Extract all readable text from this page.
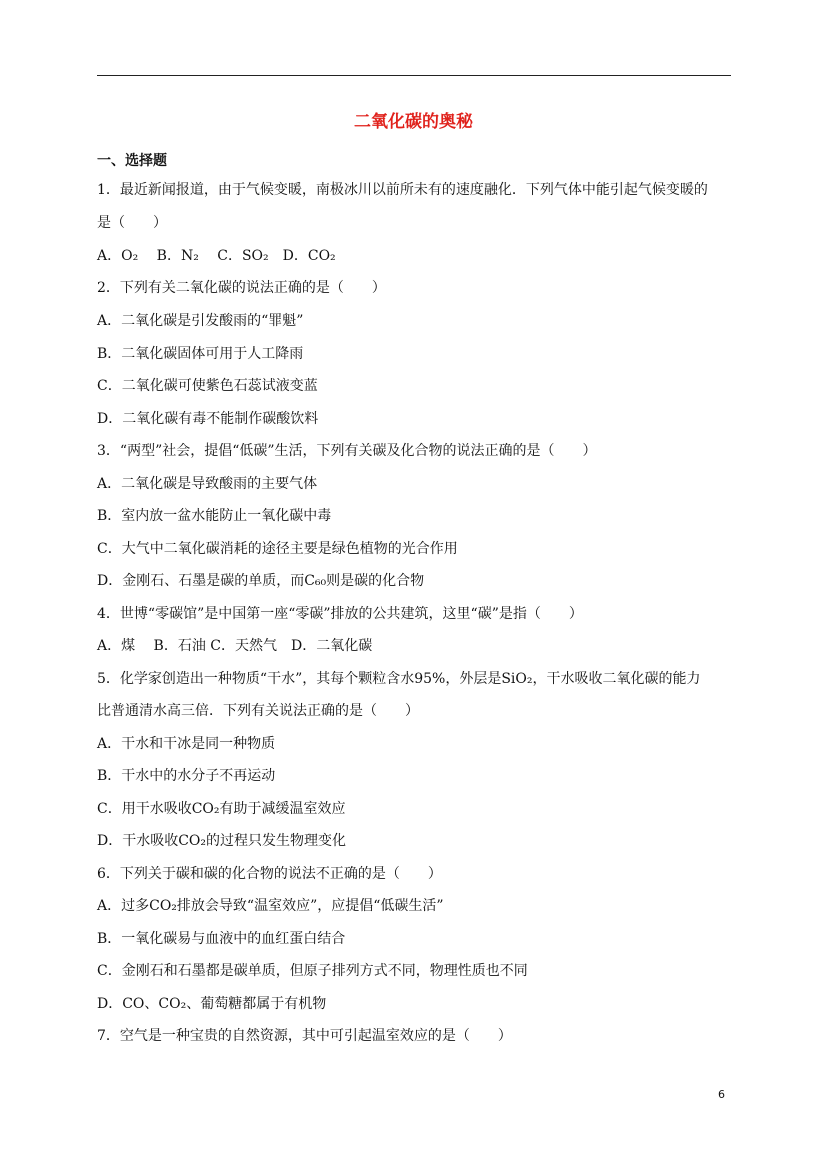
二氧化碳的奥秘
一、选择题
1．最近新闻报道，由于气候变暖，南极冰川以前所未有的速度融化．下列气体中能引起气候变暖的
是（　　）
A．O₂　 B．N₂　 C．SO₂　D．CO₂
2．下列有关二氧化碳的说法正确的是（　　）
A．二氧化碳是引发酸雨的“罪魁”
B．二氧化碳固体可用于人工降雨
C．二氧化碳可使紫色石蕊试液变蓝
D．二氧化碳有毒不能制作碳酸饮料
3．“两型”社会，提倡“低碳”生活，下列有关碳及化合物的说法正确的是（　　）
A．二氧化碳是导致酸雨的主要气体
B．室内放一盆水能防止一氧化碳中毒
C．大气中二氧化碳消耗的途径主要是绿色植物的光合作用
D．金刚石、石墨是碳的单质，而C₆₀则是碳的化合物
4．世博“零碳馆”是中国第一座“零碳”排放的公共建筑，这里“碳”是指（　　）
A．煤　 B．石油 C．天然气　D．二氧化碳
5．化学家创造出一种物质“干水”，其每个颗粒含水95%，外层是SiO₂，干水吸收二氧化碳的能力
比普通清水高三倍．下列有关说法正确的是（　　）
A．干水和干冰是同一种物质
B．干水中的水分子不再运动
C．用干水吸收CO₂有助于减缓温室效应
D．干水吸收CO₂的过程只发生物理变化
6．下列关于碳和碳的化合物的说法不正确的是（　　）
A．过多CO₂排放会导致“温室效应”，应提倡“低碳生活”
B．一氧化碳易与血液中的血红蛋白结合
C．金刚石和石墨都是碳单质，但原子排列方式不同，物理性质也不同
D．CO、CO₂、葡萄糖都属于有机物
7．空气是一种宝贵的自然资源，其中可引起温室效应的是（　　）
6
